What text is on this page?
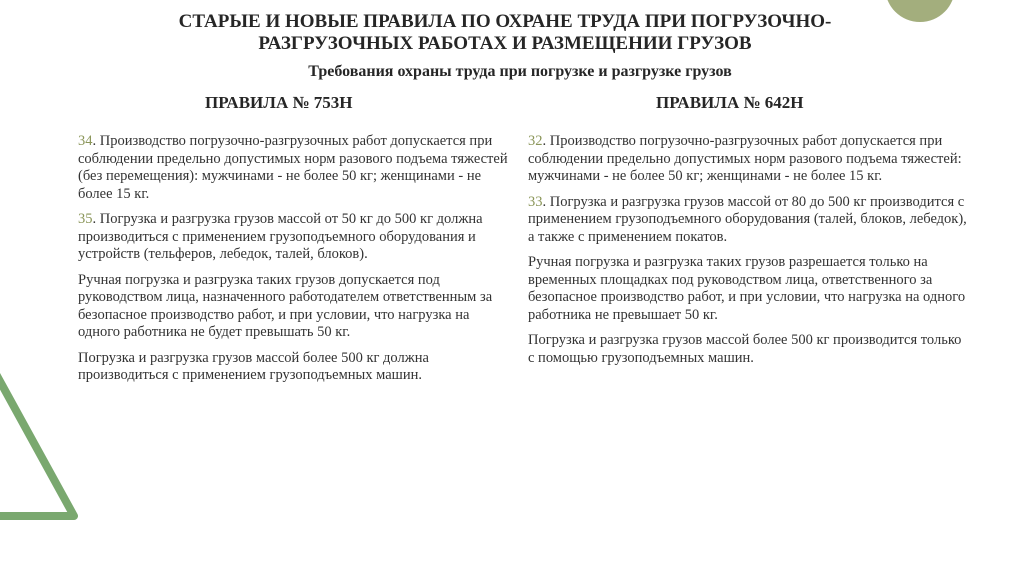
СТАРЫЕ И НОВЫЕ ПРАВИЛА ПО ОХРАНЕ ТРУДА ПРИ ПОГРУЗОЧНО-РАЗГРУЗОЧНЫХ РАБОТАХ И РАЗМЕЩЕНИИ ГРУЗОВ
Требования охраны труда при погрузке и разгрузке грузов
ПРАВИЛА № 753Н

34. Производство погрузочно-разгрузочных работ допускается при соблюдении предельно допустимых норм разового подъема тяжестей (без перемещения): мужчинами - не более 50 кг; женщинами - не более 15 кг.

35. Погрузка и разгрузка грузов массой от 50 кг до 500 кг должна производиться с применением грузоподъемного оборудования и устройств (тельферов, лебедок, талей, блоков).

Ручная погрузка и разгрузка таких грузов допускается под руководством лица, назначенного работодателем ответственным за безопасное производство работ, и при условии, что нагрузка на одного работника не будет превышать 50 кг.

Погрузка и разгрузка грузов массой более 500 кг должна производиться с применением грузоподъемных машин.

ПРАВИЛА № 642Н

32. Производство погрузочно-разгрузочных работ допускается при соблюдении предельно допустимых норм разового подъема тяжестей: мужчинами - не более 50 кг; женщинами - не более 15 кг.

33. Погрузка и разгрузка грузов массой от 80 до 500 кг производится с применением грузоподъемного оборудования (талей, блоков, лебедок), а также с применением покатов.

Ручная погрузка и разгрузка таких грузов разрешается только на временных площадках под руководством лица, ответственного за безопасное производство работ, и при условии, что нагрузка на одного работника не превышает 50 кг.

Погрузка и разгрузка грузов массой более 500 кг производится только с помощью грузоподъемных машин.
